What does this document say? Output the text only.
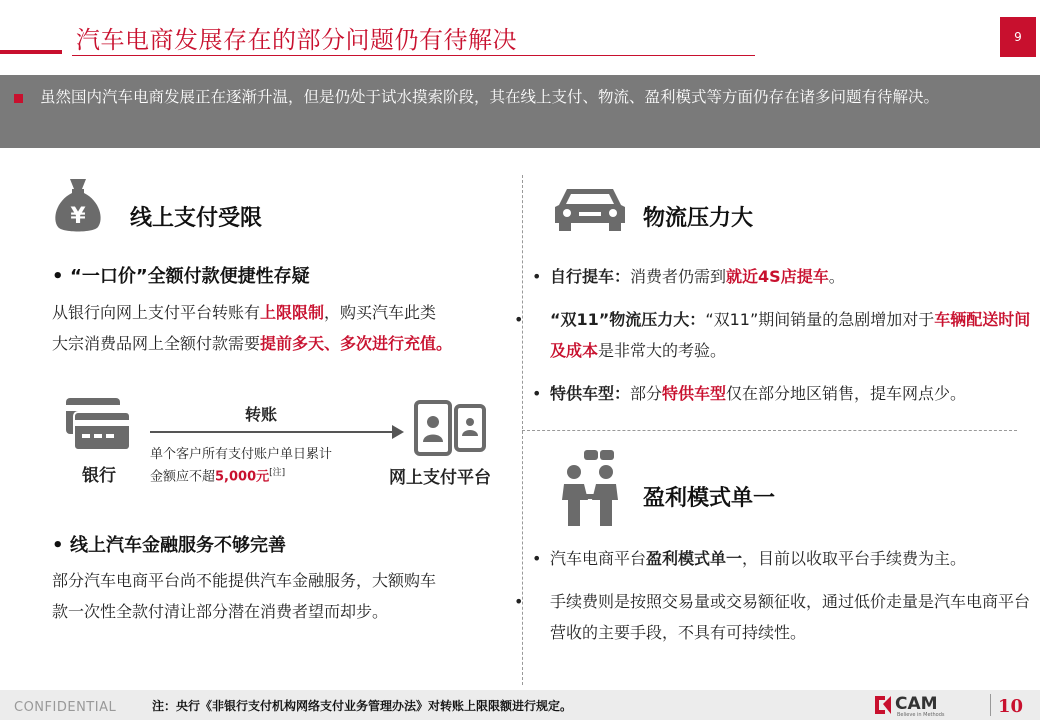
汽车电商发展存在的部分问题仍有待解决	9
虽然国内汽车电商发展正在逐渐升温，但是仍处于试水摸索阶段，其在线上支付、物流、盈利模式等方面仍存在诸多问题有待解决。
¥ 线上支付受限
• “一口价”全额付款便捷性存疑
从银行向网上支付平台转账有上限限制，购买汽车此类
大宗消费品网上全额付款需要提前多天、多次进行充值。
银行
转账
单个客户所有支付账户单日累计
金额应不超5,000元[注]	网上支付平台
• 线上汽车金融服务不够完善
部分汽车电商平台尚不能提供汽车金融服务，大额购车
款一次性全款付清让部分潜在消费者望而却步。
物流压力大
• 自行提车：消费者仍需到就近4S店提车。
• “双11”物流压力大：“双11”期间销量的急剧增加对于车辆配送时间及成本是非常大的考验。
• 特供车型：部分特供车型仅在部分地区销售，提车网点少。
盈利模式单一
• 汽车电商平台盈利模式单一，目前以收取平台手续费为主。
• 手续费则是按照交易量或交易额征收，通过低价走量是汽车电商平台营收的主要手段，不具有可持续性。
CONFIDENTIAL	注：央行《非银行支付机构网络支付业务管理办法》对转账上限限额进行规定。	CAM
Believe in Methods	10
